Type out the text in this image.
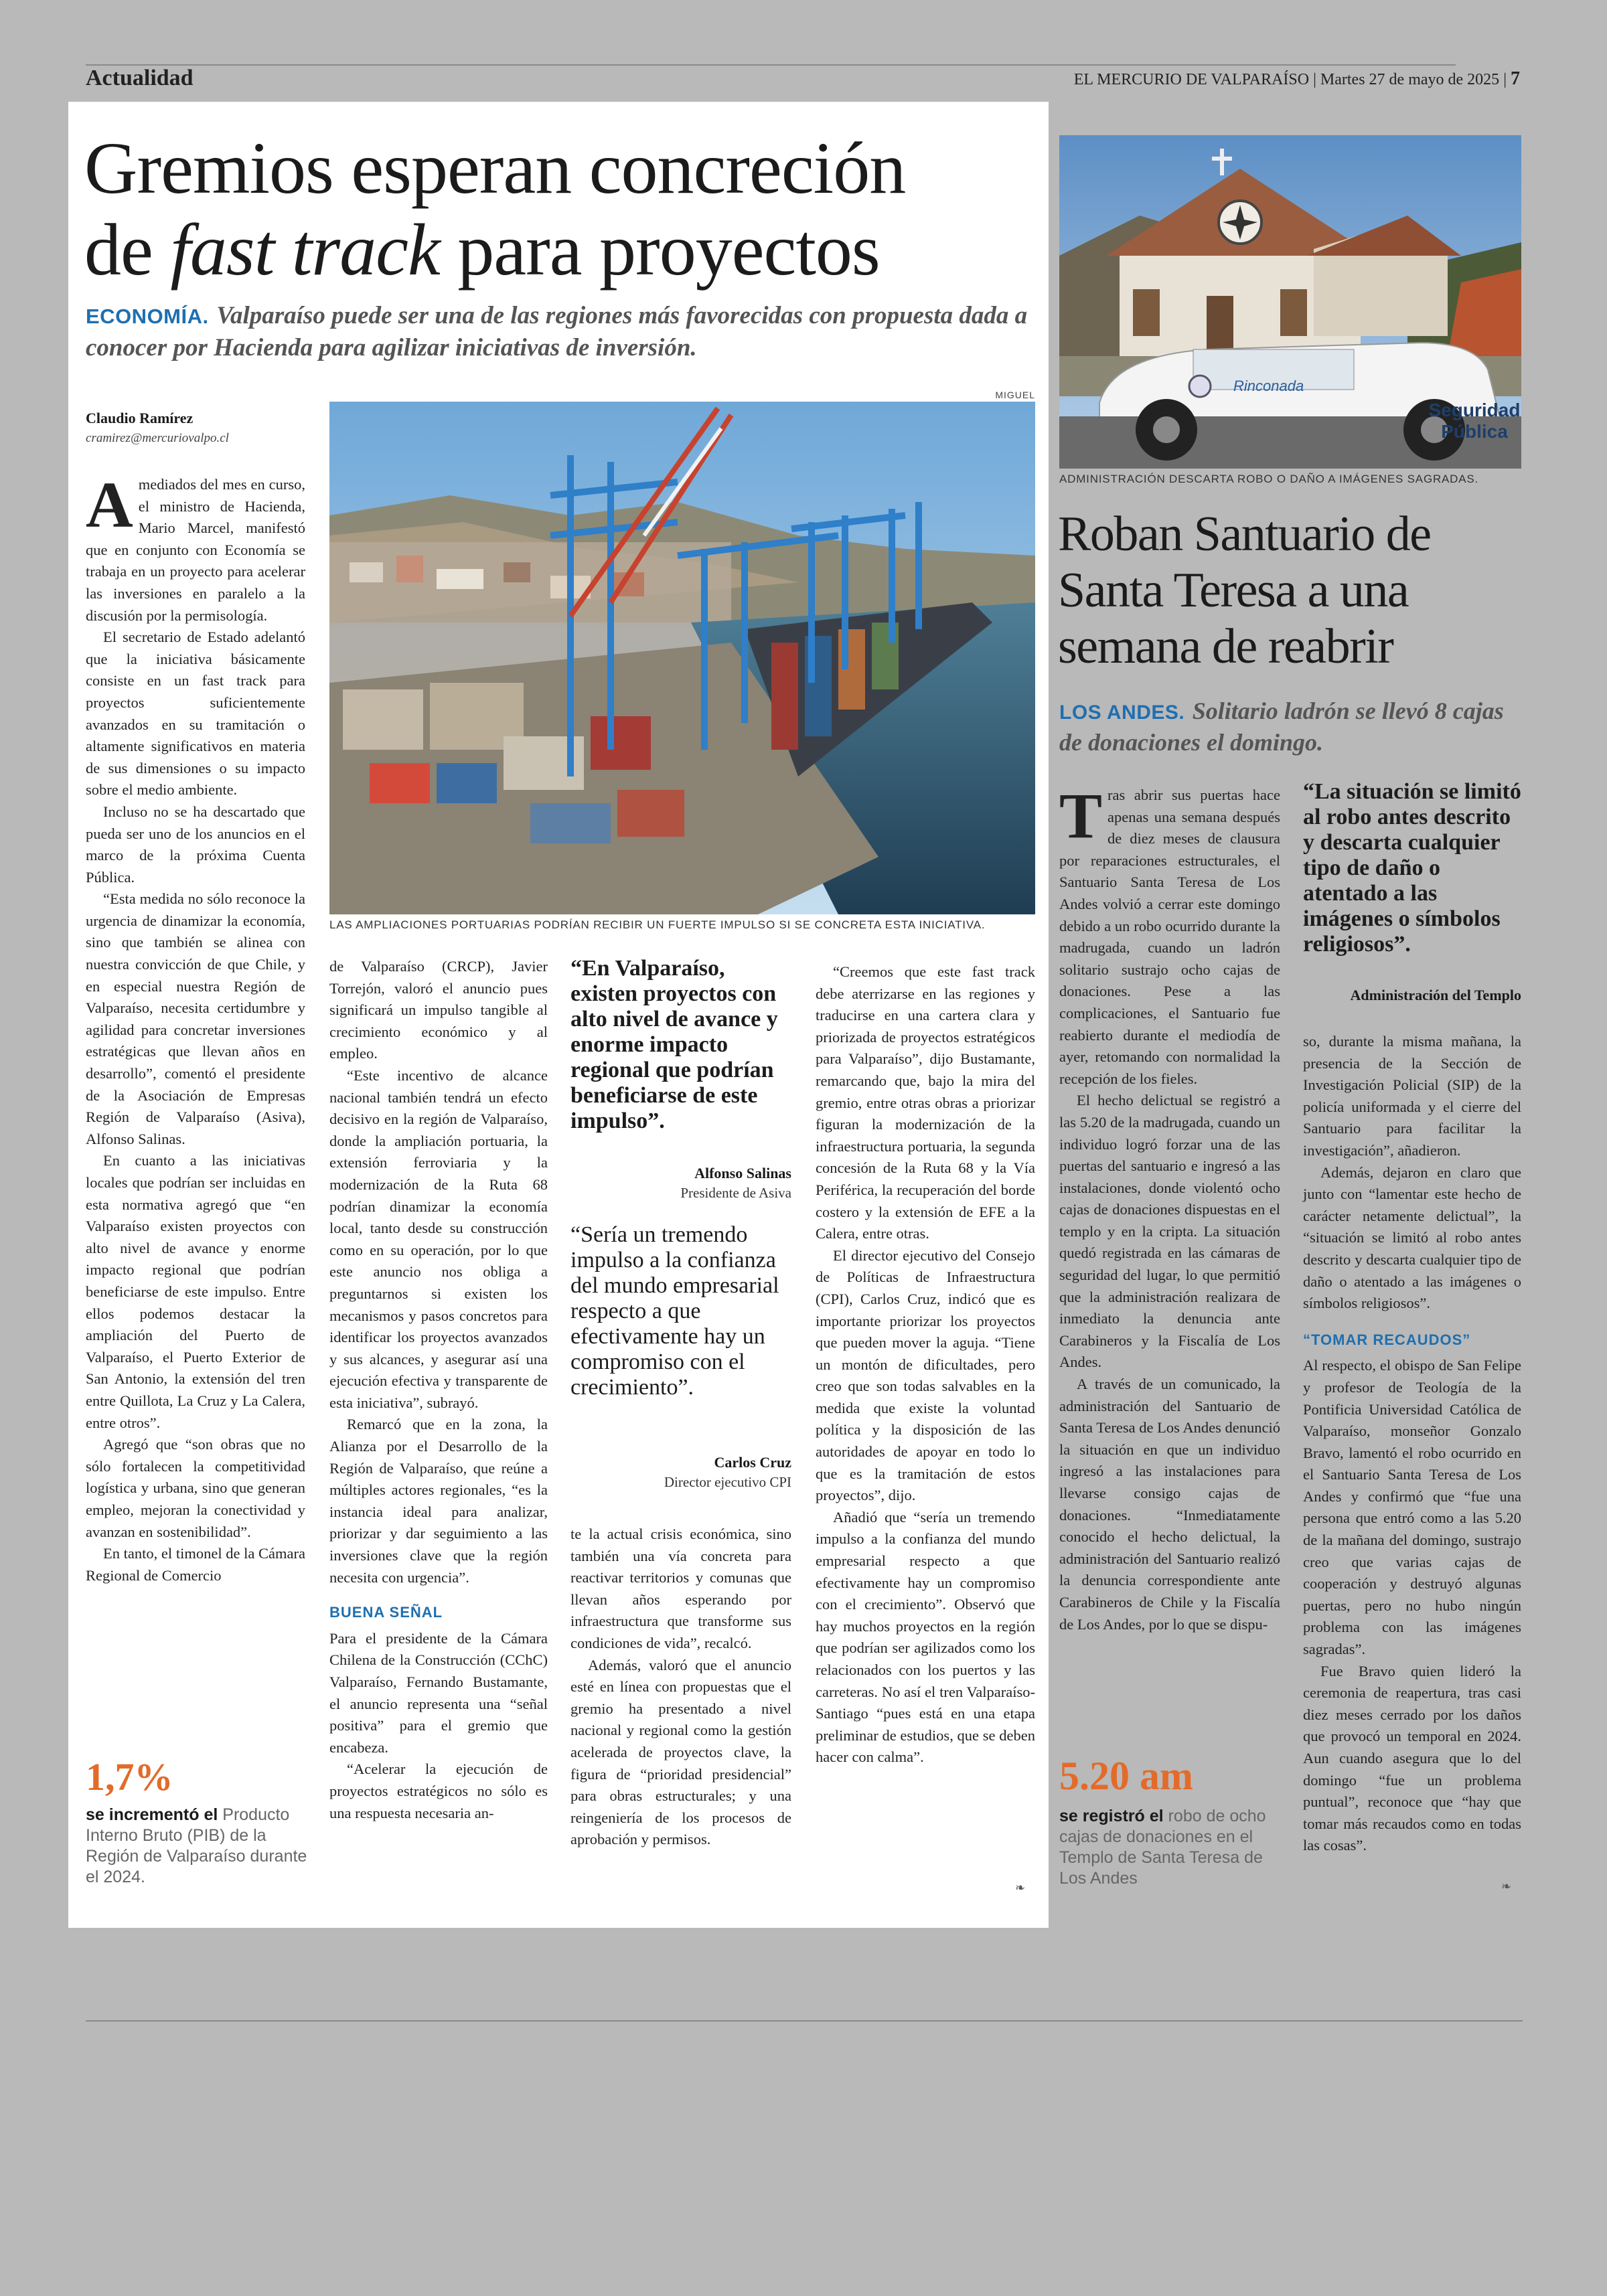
Actualidad	EL MERCURIO DE VALPARAÍSO | Martes 27 de mayo de 2025 | 7
Gremios esperan concreción
de fast track para proyectos
ECONOMÍA. Valparaíso puede ser una de las regiones más favorecidas con propuesta dada a conocer por Hacienda para agilizar iniciativas de inversión.
Claudio Ramírez
cramirez@mercuriovalpo.cl
MIGUEL
LAS AMPLIACIONES PORTUARIAS PODRÍAN RECIBIR UN FUERTE IMPULSO SI SE CONCRETA ESTA INICIATIVA.
A mediados del mes en curso, el ministro de Hacienda, Mario Marcel, manifestó que en conjunto con Economía se trabaja en un proyecto para acelerar las inversiones en paralelo a la discusión por la permisología.

El secretario de Estado adelantó que la iniciativa básicamente consiste en un fast track para proyectos suficientemente avanzados en su tramitación o altamente significativos en materia de sus dimensiones o su impacto sobre el medio ambiente.

Incluso no se ha descartado que pueda ser uno de los anuncios en el marco de la próxima Cuenta Pública.

“Esta medida no sólo reconoce la urgencia de dinamizar la economía, sino que también se alinea con nuestra convicción de que Chile, y en especial nuestra Región de Valparaíso, necesita certidumbre y agilidad para concretar inversiones estratégicas que llevan años en desarrollo”, comentó el presidente de la Asociación de Empresas Región de Valparaíso (Asiva), Alfonso Salinas.

En cuanto a las iniciativas locales que podrían ser incluidas en esta normativa agregó que “en Valparaíso existen proyectos con alto nivel de avance y enorme impacto regional que podrían beneficiarse de este impulso. Entre ellos podemos destacar la ampliación del Puerto de Valparaíso, el Puerto Exterior de San Antonio, la extensión del tren entre Quillota, La Cruz y La Calera, entre otros”.

Agregó que “son obras que no sólo fortalecen la competitividad logística y urbana, sino que generan empleo, mejoran la conectividad y avanzan en sostenibilidad”.

En tanto, el timonel de la Cámara Regional de Comercio

1,7%
se incrementó el Producto Interno Bruto (PIB) de la Región de Valparaíso durante el 2024.

de Valparaíso (CRCP), Javier Torrejón, valoró el anuncio pues significará un impulso tangible al crecimiento económico y al empleo.

“Este incentivo de alcance nacional también tendrá un efecto decisivo en la región de Valparaíso, donde la ampliación portuaria, la extensión ferroviaria y la modernización de la Ruta 68 podrían dinamizar la economía local, tanto desde su construcción como en su operación, por lo que este anuncio nos obliga a preguntarnos si existen los mecanismos y pasos concretos para identificar los proyectos avanzados y sus alcances, y asegurar así una ejecución efectiva y transparente de esta iniciativa”, subrayó.

Remarcó que en la zona, la Alianza por el Desarrollo de la Región de Valparaíso, que reúne a múltiples actores regionales, “es la instancia ideal para analizar, priorizar y dar seguimiento a las inversiones clave que la región necesita con urgencia”.

BUENA SEÑAL

Para el presidente de la Cámara Chilena de la Construcción (CChC) Valparaíso, Fernando Bustamante, el anuncio representa una “señal positiva” para el gremio que encabeza.

“Acelerar la ejecución de proyectos estratégicos no sólo es una respuesta necesaria an-

“En Valparaíso, existen proyectos con alto nivel de avance y enorme impacto regional que podrían beneficiarse de este impulso”.
Alfonso Salinas
Presidente de Asiva
“Sería un tremendo impulso a la confianza del mundo empresarial respecto a que efectivamente hay un compromiso con el crecimiento”.
Carlos Cruz
Director ejecutivo CPI

te la actual crisis económica, sino también una vía concreta para reactivar territorios y comunas que llevan años esperando por infraestructura que transforme sus condiciones de vida”, recalcó.

Además, valoró que el anuncio esté en línea con propuestas que el gremio ha presentado a nivel nacional y regional como la gestión acelerada de proyectos clave, la figura de “prioridad presidencial” para obras estructurales; y una reingeniería de los procesos de aprobación y permisos.

“Creemos que este fast track debe aterrizarse en las regiones y traducirse en una cartera clara y priorizada de proyectos estratégicos para Valparaíso”, dijo Bustamante, remarcando que, bajo la mira del gremio, entre otras obras a priorizar figuran la modernización de la infraestructura portuaria, la segunda concesión de la Ruta 68 y la Vía Periférica, la recuperación del borde costero y la extensión de EFE a la Calera, entre otras.

El director ejecutivo del Consejo de Políticas de Infraestructura (CPI), Carlos Cruz, indicó que es importante priorizar los proyectos que pueden mover la aguja. “Tiene un montón de dificultades, pero creo que son todas salvables en la medida que existe la voluntad política y la disposición de las autoridades de apoyar en todo lo que es la tramitación de estos proyectos”, dijo.

Añadió que “sería un tremendo impulso a la confianza del mundo empresarial respecto a que efectivamente hay un compromiso con el crecimiento”. Observó que hay muchos proyectos en la región que podrían ser agilizados como los relacionados con los puertos y las carreteras. No así el tren Valparaíso-Santiago “pues está en una etapa preliminar de estudios, que se deben hacer con calma”.

❧
Rinconada
Seguridad
Pública
ADMINISTRACIÓN DESCARTA ROBO O DAÑO A IMÁGENES SAGRADAS.
Roban Santuario de Santa Teresa a una semana de reabrir
LOS ANDES. Solitario ladrón se llevó 8 cajas de donaciones el domingo.
T ras abrir sus puertas hace apenas una semana después de diez meses de clausura por reparaciones estructurales, el Santuario Santa Teresa de Los Andes volvió a cerrar este domingo debido a un robo ocurrido durante la madrugada, cuando un ladrón solitario sustrajo ocho cajas de donaciones. Pese a las complicaciones, el Santuario fue reabierto durante el mediodía de ayer, retomando con normalidad la recepción de los fieles.

El hecho delictual se registró a las 5.20 de la madrugada, cuando un individuo logró forzar una de las puertas del santuario e ingresó a las instalaciones, donde violentó ocho cajas de donaciones dispuestas en el templo y en la cripta. La situación quedó registrada en las cámaras de seguridad del lugar, lo que permitió que la administración realizara de inmediato la denuncia ante Carabineros y la Fiscalía de Los Andes.

A través de un comunicado, la administración del Santuario de Santa Teresa de Los Andes denunció la situación en que un individuo ingresó a las instalaciones para llevarse consigo cajas de donaciones. “Inmediatamente conocido el hecho delictual, la administración del Santuario realizó la denuncia correspondiente ante Carabineros de Chile y la Fiscalía de Los Andes, por lo que se dispu-

5.20 am
se registró el robo de ocho cajas de donaciones en el Templo de Santa Teresa de Los Andes
“La situación se limitó al robo antes descrito y descarta cualquier tipo de daño o atentado a las imágenes o símbolos religiosos”.
Administración del Templo

so, durante la misma mañana, la presencia de la Sección de Investigación Policial (SIP) de la policía uniformada y el cierre del Santuario para facilitar la investigación”, añadieron.

Además, dejaron en claro que junto con “lamentar este hecho de carácter netamente delictual”, la “situación se limitó al robo antes descrito y descarta cualquier tipo de daño o atentado a las imágenes o símbolos religiosos”.

“TOMAR RECAUDOS”

Al respecto, el obispo de San Felipe y profesor de Teología de la Pontificia Universidad Católica de Valparaíso, monseñor Gonzalo Bravo, lamentó el robo ocurrido en el Santuario Santa Teresa de Los Andes y confirmó que “fue una persona que entró como a las 5.20 de la mañana del domingo, sustrajo creo que varias cajas de cooperación y destruyó algunas puertas, pero no hubo ningún problema con las imágenes sagradas”.

Fue Bravo quien lideró la ceremonia de reapertura, tras casi diez meses cerrado por los daños que provocó un temporal en 2024. Aun cuando asegura que lo del domingo “fue un problema puntual”, reconoce que “hay que tomar más recaudos como en todas las cosas”.

❧
